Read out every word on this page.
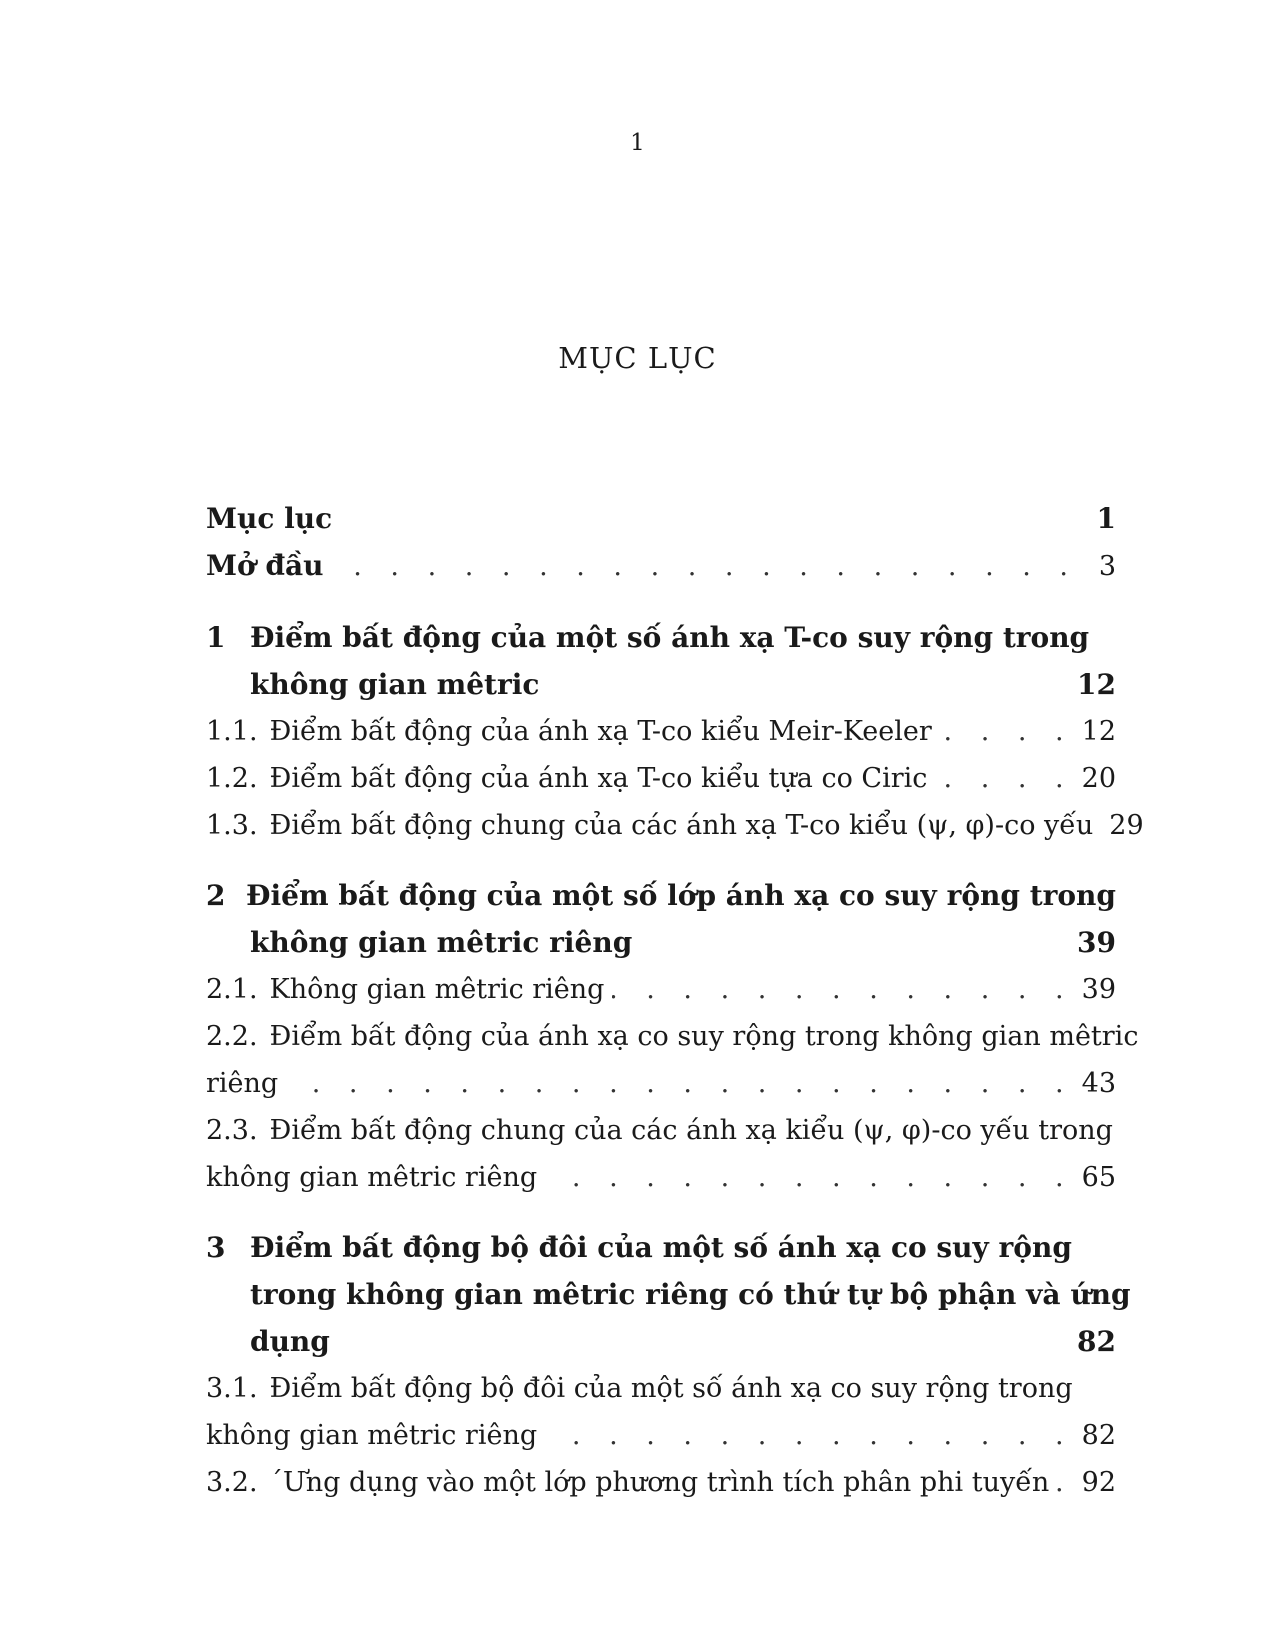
1
MỤC LỤC
Mục lục	1
Mở đầu . . .	3
1 Điểm bất động của một số ánh xạ T-co suy rộng trong
không gian mêtric	12
1.1. Điểm bất động của ánh xạ T-co kiểu Meir-Keeler . . .	12
1.2. Điểm bất động của ánh xạ T-co kiểu tựa co Ciric . . .	20
1.3. Điểm bất động chung của các ánh xạ T-co kiểu (ψ, φ)-co yếu 29
2 Điểm bất động của một số lớp ánh xạ co suy rộng trong
không gian mêtric riêng	39
2.1. Không gian mêtric riêng . . .	39
2.2. Điểm bất động của ánh xạ co suy rộng trong không gian mêtric
riêng . . .	43
2.3. Điểm bất động chung của các ánh xạ kiểu (ψ, φ)-co yếu trong
không gian mêtric riêng . . .	65
3 Điểm bất động bộ đôi của một số ánh xạ co suy rộng
trong không gian mêtric riêng có thứ tự bộ phận và ứng
dụng	82
3.1. Điểm bất động bộ đôi của một số ánh xạ co suy rộng trong
không gian mêtric riêng . . .	82
3.2. ´Ưng dụng vào một lớp phương trình tích phân phi tuyến . . . 92
